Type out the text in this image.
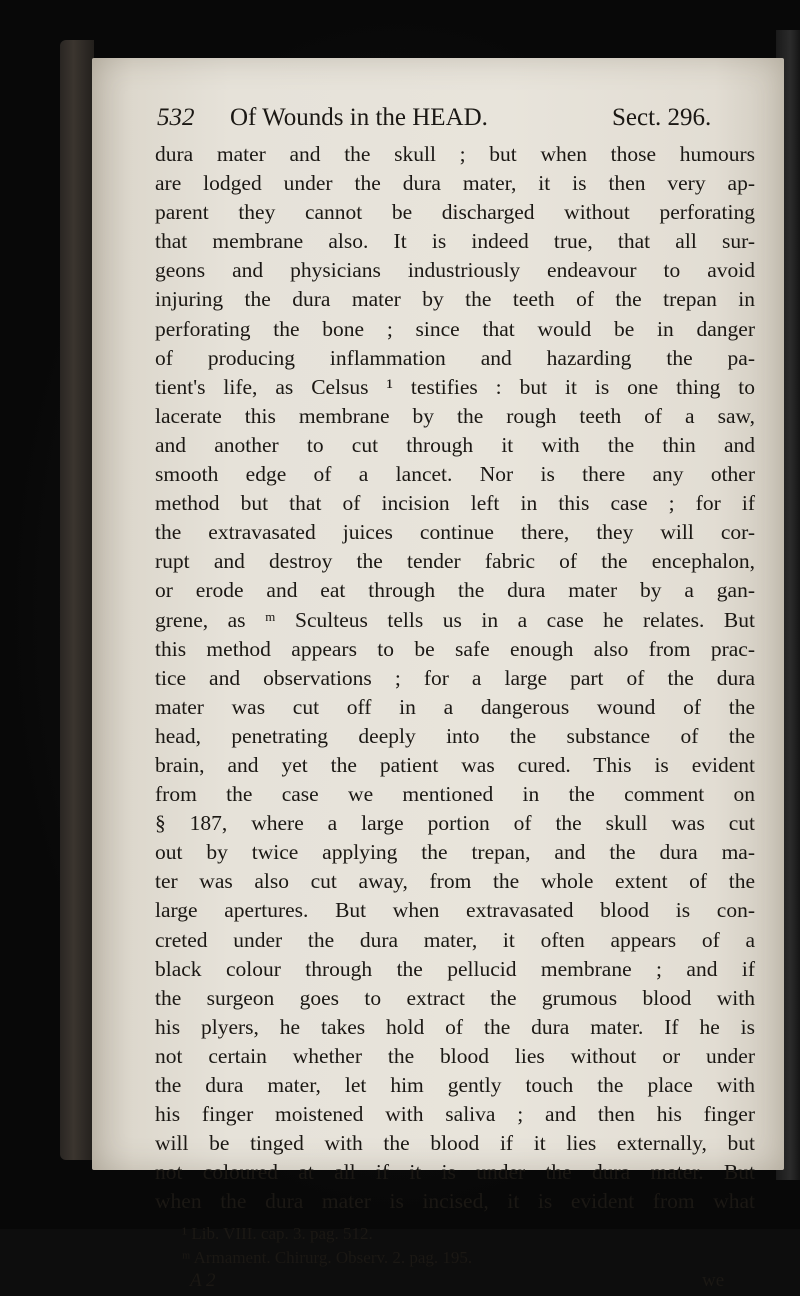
532 Of Wounds in the HEAD.	Sect. 296.
dura mater and the skull ; but when those humours
are lodged under the dura mater, it is then very ap-
parent they cannot be discharged without perforating
that membrane also. It is indeed true, that all sur-
geons and physicians industriously endeavour to avoid
injuring the dura mater by the teeth of the trepan in
perforating the bone ; since that would be in danger
of producing inflammation and hazarding the pa-
tient's life, as Celsus ¹ testifies : but it is one thing to
lacerate this membrane by the rough teeth of a saw,
and another to cut through it with the thin and
smooth edge of a lancet. Nor is there any other
method but that of incision left in this case ; for if
the extravasated juices continue there, they will cor-
rupt and destroy the tender fabric of the encephalon,
or erode and eat through the dura mater by a gan-
grene, as ᵐ Sculteus tells us in a case he relates. But
this method appears to be safe enough also from prac-
tice and observations ; for a large part of the dura
mater was cut off in a dangerous wound of the
head, penetrating deeply into the substance of the
brain, and yet the patient was cured. This is evident
from the case we mentioned in the comment on
§ 187, where a large portion of the skull was cut
out by twice applying the trepan, and the dura ma-
ter was also cut away, from the whole extent of the
large apertures. But when extravasated blood is con-
creted under the dura mater, it often appears of a
black colour through the pellucid membrane ; and if
the surgeon goes to extract the grumous blood with
his plyers, he takes hold of the dura mater. If he is
not certain whether the blood lies without or under
the dura mater, let him gently touch the place with
his finger moistened with saliva ; and then his finger
will be tinged with the blood if it lies externally, but
not coloured at all if it is under the dura mater. But
when the dura mater is incised, it is evident from what
¹ Lib. VIII. cap. 3. pag. 512.
ᵐ Armament. Chirurg. Observ. 2. pag. 195.
A 2	we
